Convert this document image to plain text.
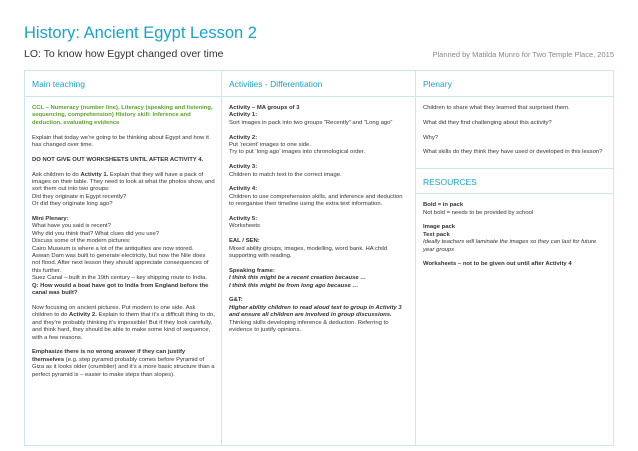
History: Ancient Egypt Lesson 2
LO: To know how Egypt changed over time	Planned by Matilda Munro for Two Temple Place, 2015
Main teaching

CCL – Numeracy (number line), Literacy (speaking and listening, sequencing, comprehension) History skill: Inference and deduction, evaluating evidence

Explain that today we’re going to be thinking about Egypt and how it has changed over time.

DO NOT GIVE OUT WORKSHEETS UNTIL AFTER ACTIVITY 4.

Ask children to do Activity 1. Explain that they will have a pack of images on their table. They need to look at what the photos show, and sort them out into two groups:
Did they originate in Egypt recently?
Or did they originate long ago?

Mini Plenary:
What have you said is recent?
Why did you think that? What clues did you use?
Discuss some of the modern pictures:
Cairo Museum is where a lot of the antiquities are now stored.
Aswan Dam was built to generate electricity, but now the Nile does not flood. After next lesson they should appreciate consequences of this further.
Suez Canal – built in the 19th century – key shipping route to India.
Q: How would a boat have got to India from England before the canal was built?

Now focusing on ancient pictures. Put modern to one side. Ask children to do Activity 2. Explain to them that it’s a difficult thing to do, and they’re probably thinking it’s impossible! But if they look carefully, and think hard, they should be able to make some kind of sequence, with a few reasons.

Emphasize there is no wrong answer if they can justify themselves (e.g. step pyramid probably comes before Pyramid of Giza as it looks older (crumblier) and it’s a more basic structure than a perfect pyramid is – easier to make steps than slopes).

Activities - Differentiation

Activity – MA groups of 3
Activity 1:
Sort images in pack into two groups “Recently” and “Long ago”

Activity 2:
Put ‘recent’ images to one side.
Try to put ‘long ago’ images into chronological order.

Activity 3:
Children to match text to the correct image.

Activity 4:
Children to use comprehension skills, and inference and deduction to reorganise their timeline using the extra text information.

Activity 5:
Worksheets

EAL / SEN:
Mixed ability groups, images, modelling, word bank. HA child supporting with reading.

Speaking frame:
I think this might be a recent creation because …
I think this might be from long ago because …

G&T:
Higher ability children to read aloud text to group in Activity 3 and ensure all children are involved in group discussions. Thinking skills developing inference & deduction. Referring to evidence to justify opinions.

Plenary

Children to share what they learned that surprised them.

What did they find challenging about this activity?

Why?

What skills do they think they have used or developed in this lesson?

RESOURCES

Bold = in pack
Not bold = needs to be provided by school

Image pack
Text pack
Ideally teachers will laminate the images so they can last for future year groups

Worksheets – not to be given out until after Activity 4
